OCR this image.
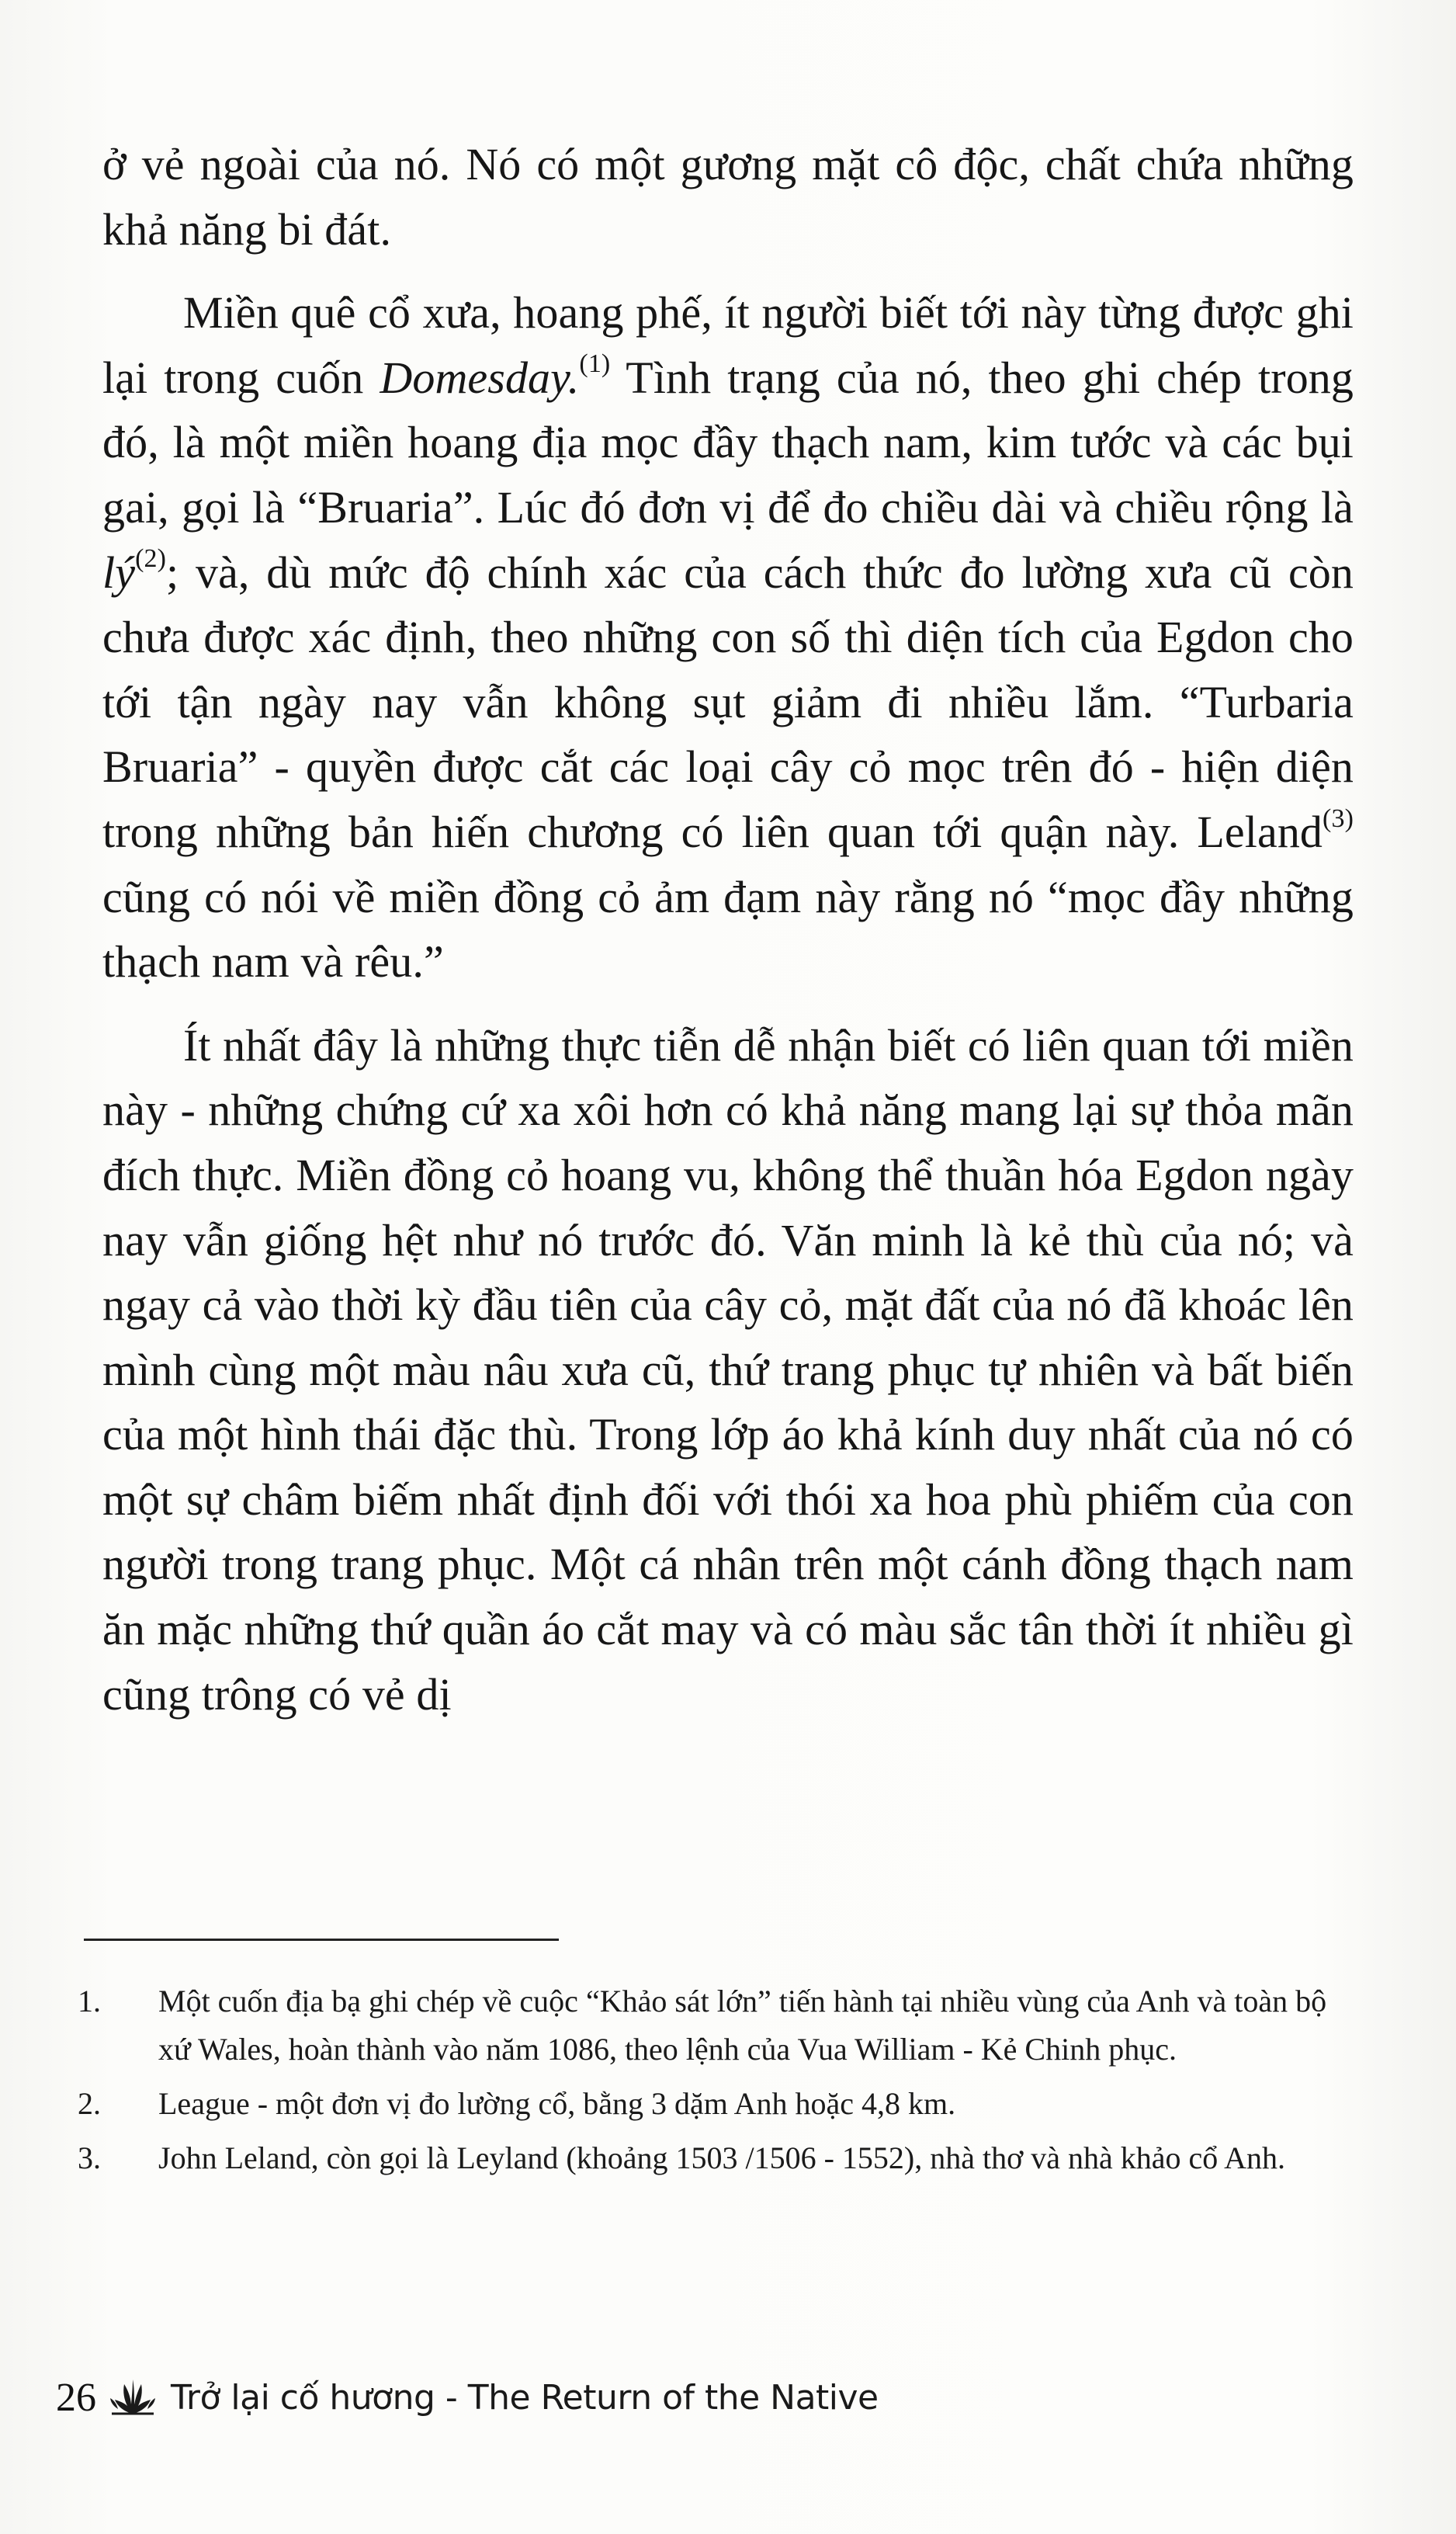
ở vẻ ngoài của nó. Nó có một gương mặt cô độc, chất chứa những khả năng bi đát.

Miền quê cổ xưa, hoang phế, ít người biết tới này từng được ghi lại trong cuốn Domesday.$^{(1)}$ Tình trạng của nó, theo ghi chép trong đó, là một miền hoang địa mọc đầy thạch nam, kim tước và các bụi gai, gọi là “Bruaria”. Lúc đó đơn vị để đo chiều dài và chiều rộng là $lý^{(2)}$; và, dù mức độ chính xác của cách thức đo lường xưa cũ còn chưa được xác định, theo những con số thì diện tích của Egdon cho tới tận ngày nay vẫn không sụt giảm đi nhiều lắm. “Turbaria Bruaria” - quyền được cắt các loại cây cỏ mọc trên đó - hiện diện trong những bản hiến chương có liên quan tới quận này. Leland$^{(3)}$ cũng có nói về miền đồng cỏ ảm đạm này rằng nó “mọc đầy những thạch nam và rêu.”

Ít nhất đây là những thực tiễn dễ nhận biết có liên quan tới miền này - những chứng cứ xa xôi hơn có khả năng mang lại sự thỏa mãn đích thực. Miền đồng cỏ hoang vu, không thể thuần hóa Egdon ngày nay vẫn giống hệt như nó trước đó. Văn minh là kẻ thù của nó; và ngay cả vào thời kỳ đầu tiên của cây cỏ, mặt đất của nó đã khoác lên mình cùng một màu nâu xưa cũ, thứ trang phục tự nhiên và bất biến của một hình thái đặc thù. Trong lớp áo khả kính duy nhất của nó có một sự châm biếm nhất định đối với thói xa hoa phù phiếm của con người trong trang phục. Một cá nhân trên một cánh đồng thạch nam ăn mặc những thứ quần áo cắt may và có màu sắc tân thời ít nhiều gì cũng trông có vẻ dị

1.	Một cuốn địa bạ ghi chép về cuộc “Khảo sát lớn” tiến hành tại nhiều vùng của Anh và toàn bộ xứ Wales, hoàn thành vào năm 1086, theo lệnh của Vua William - Kẻ Chinh phục.
2.	League - một đơn vị đo lường cổ, bằng 3 dặm Anh hoặc 4,8 km.
3.	John Leland, còn gọi là Leyland (khoảng 1503 /1506 - 1552), nhà thơ và nhà khảo cổ Anh.
26 Trở lại cố hương - The Return of the Native
